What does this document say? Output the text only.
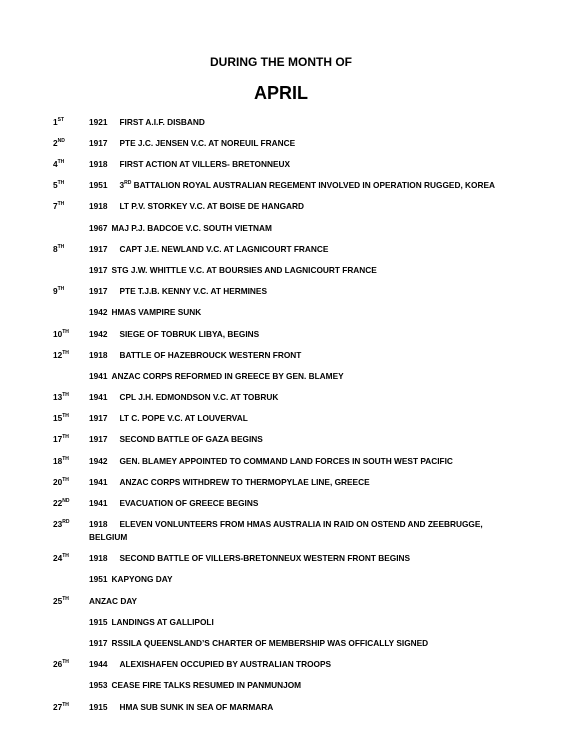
DURING THE MONTH OF
APRIL
1ST	1921 FIRST A.I.F. DISBAND
2ND	1917 PTE J.C. JENSEN V.C. AT NOREUIL FRANCE
4TH	1918 FIRST ACTION AT VILLERS- BRETONNEUX
5TH	1951 3RD BATTALION ROYAL AUSTRALIAN REGEMENT INVOLVED IN OPERATION RUGGED, KOREA
7TH	1918 LT P.V. STORKEY V.C. AT BOISE DE HANGARD
1967 MAJ P.J. BADCOE V.C. SOUTH VIETNAM
8TH	1917 CAPT J.E. NEWLAND V.C. AT LAGNICOURT FRANCE
1917 STG J.W. WHITTLE V.C. AT BOURSIES AND LAGNICOURT FRANCE
9TH	1917 PTE T.J.B. KENNY V.C. AT HERMINES
1942 HMAS VAMPIRE SUNK
10TH 1942 SIEGE OF TOBRUK LIBYA, BEGINS
12TH 1918 BATTLE OF HAZEBROUCK WESTERN FRONT
1941 ANZAC CORPS REFORMED IN GREECE BY GEN. BLAMEY
13TH 1941 CPL J.H. EDMONDSON V.C. AT TOBRUK
15TH 1917 LT C. POPE V.C. AT LOUVERVAL
17TH 1917 SECOND BATTLE OF GAZA BEGINS
18TH 1942 GEN. BLAMEY APPOINTED TO COMMAND LAND FORCES IN SOUTH WEST PACIFIC
20TH 1941 ANZAC CORPS WITHDREW TO THERMOPYLAE LINE, GREECE
22ND 1941 EVACUATION OF GREECE BEGINS
23RD 1918 ELEVEN VONLUNTEERS FROM HMAS AUSTRALIA IN RAID ON OSTEND AND ZEEBRUGGE,
BELGIUM
24TH 1918 SECOND BATTLE OF VILLERS-BRETONNEUX WESTERN FRONT BEGINS
1951 KAPYONG DAY
25TH ANZAC DAY
1915 LANDINGS AT GALLIPOLI
1917 RSSILA QUEENSLAND’S CHARTER OF MEMBERSHIP WAS OFFICALLY SIGNED
26TH 1944 ALEXISHAFEN OCCUPIED BY AUSTRALIAN TROOPS
1953 CEASE FIRE TALKS RESUMED IN PANMUNJOM
27TH 1915 HMA SUB SUNK IN SEA OF MARMARA
